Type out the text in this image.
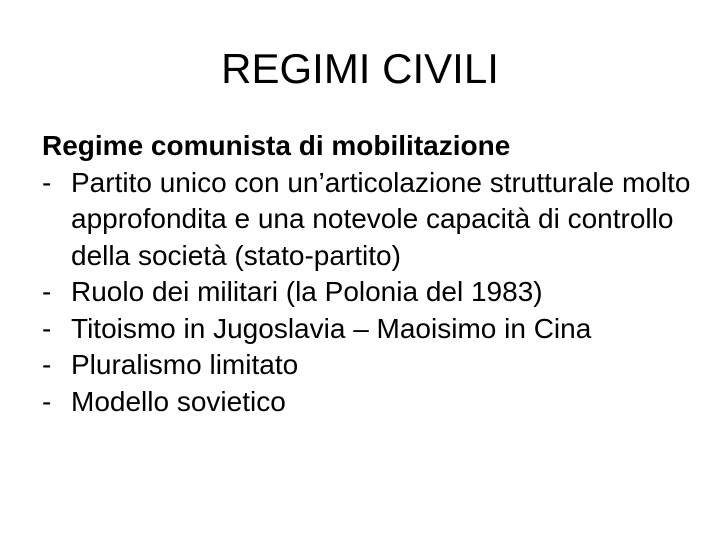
REGIMI CIVILI

Regime comunista di mobilitazione

- Partito unico con un’articolazione strutturale molto approfondita e una notevole capacità di controllo della società (stato-partito)
- Ruolo dei militari (la Polonia del 1983)
- Titoismo in Jugoslavia – Maoisimo in Cina
- Pluralismo limitato
- Modello sovietico
